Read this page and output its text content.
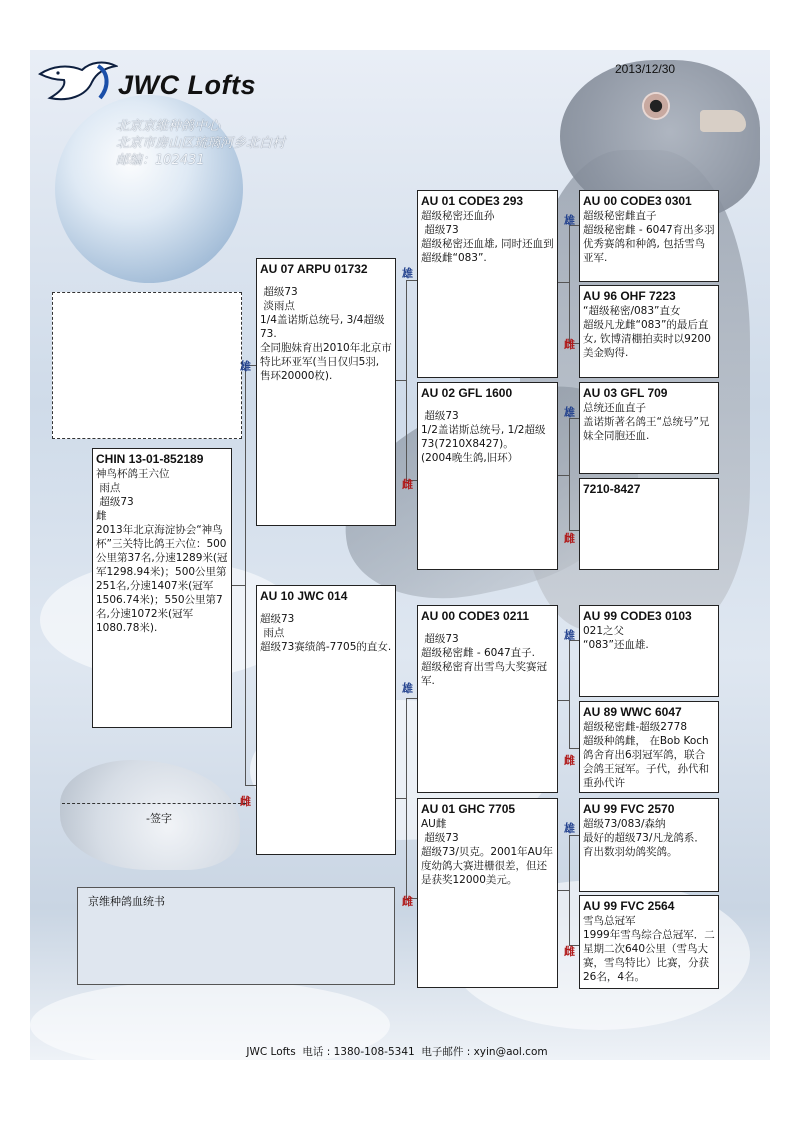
JWC Lofts
北京京维种鸽中心
北京市房山区琉璃河乡北白村
邮编：102431
2013/12/30
雄
雌
雄
雌
雄
雌
雄
雌
雄
雌
雄
雌
雄
雌
CHIN 13-01-852189
神鸟杯鸽王六位
雨点
超级73
雌
2013年北京海淀协会“神鸟杯”三关特比鸽王六位：500公里第37名,分速1289米(冠军1298.94米)；500公里第251名,分速1407米(冠军1506.74米)；550公里第7名,分速1072米(冠军1080.78米).
AU 07 ARPU 01732
超级73
淡雨点
1/4盖诺斯总统号, 3/4超级73.
全同胞妹育出2010年北京市特比环亚军(当日仅归5羽, 售环20000枚).
AU 10 JWC 014
超级73
雨点
超级73赛绩鸽-7705的直女.
AU 01 CODE3 293
超级秘密还血孙
超级73
超级秘密还血雄, 同时还血到超级雌“083”.
AU 02 GFL 1600
超级73
1/2盖诺斯总统号, 1/2超级73(7210X8427)。
(2004晚生鸽,旧环）
AU 00 CODE3 0211
超级73
超级秘密雌 - 6047直子.
超级秘密育出雪鸟大奖赛冠军.
AU 01 GHC 7705
AU雌
超级73
超级73/贝克。2001年AU年度幼鸽大赛进栅很差，但还是获奖12000美元。
AU 00 CODE3 0301
超级秘密雌直子
超级秘密雌 - 6047育出多羽优秀赛鸽和种鸽, 包括雪鸟亚军.
AU 96 OHF 7223
“超级秘密/083”直女
超级凡龙雌“083”的最后直女, 钦博清棚拍卖时以9200美金购得.
AU 03 GFL 709
总统还血直子
盖诺斯著名鸽王“总统号”兄妹全同胞还血.
7210-8427
AU 99 CODE3 0103
021之父
“083”还血雄.
AU 89 WWC 6047
超级秘密雌-超级2778
超级种鸽雌， 在Bob Koch鸽舍育出6羽冠军鸽，联合会鸽王冠军。子代，孙代和重孙代许
AU 99 FVC 2570
超级73/083/森纳
最好的超级73/凡龙鸽系．育出数羽幼鸽奖鸽。
AU 99 FVC 2564
雪鸟总冠军
1999年雪鸟综合总冠军．二星期二次640公里（雪鸟大赛，雪鸟特比）比赛，分获26名，4名。
-签字
京维种鸽血统书
JWC Lofts  电话 : 1380-108-5341  电子邮件 : xyin@aol.com
